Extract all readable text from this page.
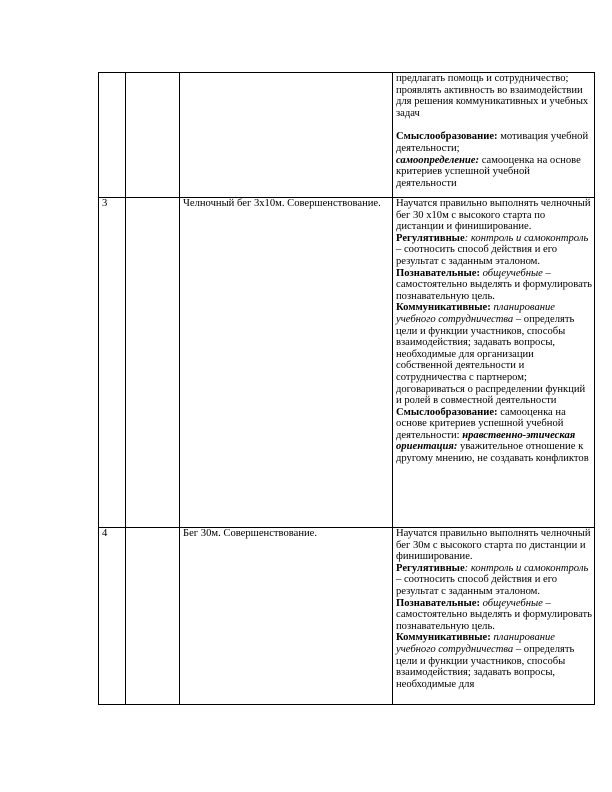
			предлагать помощь и сотрудничество; проявлять активность во взаимодействии для решения коммуникативных и учебных задач

Смыслообразование: мотивация учебной деятельности;

самоопределение: самооценка на основе критериев успешной учебной деятельности

3		Челночный бег 3х10м. Совершенствование.	Научатся правильно выполнять челночный бег 30 х10м с высокого старта по дистанции и финиширование.

Регулятивные: контроль и самоконтроль – соотносить способ действия и его результат с заданным эталоном.

Познавательные: общеучебные – самостоятельно выделять и формулировать познавательную цель.

Коммуникативные: планирование учебного сотрудничества – определять цели и функции участников, способы взаимодействия; задавать вопросы, необходимые для организации собственной деятельности и сотрудничества с партнером; договариваться о распределении функций и ролей в совместной деятельности

Смыслообразование: самооценка на основе критериев успешной учебной деятельности: нравственно-этическая ориентация: уважительное отношение к другому мнению, не создавать конфликтов

4		Бег 30м. Совершенствование.	Научатся правильно выполнять челночный бег 30м с высокого старта по дистанции и финиширование.

Регулятивные: контроль и самоконтроль – соотносить способ действия и его результат с заданным эталоном.

Познавательные: общеучебные – самостоятельно выделять и формулировать познавательную цель.

Коммуникативные: планирование учебного сотрудничества – определять цели и функции участников, способы взаимодействия; задавать вопросы, необходимые для
